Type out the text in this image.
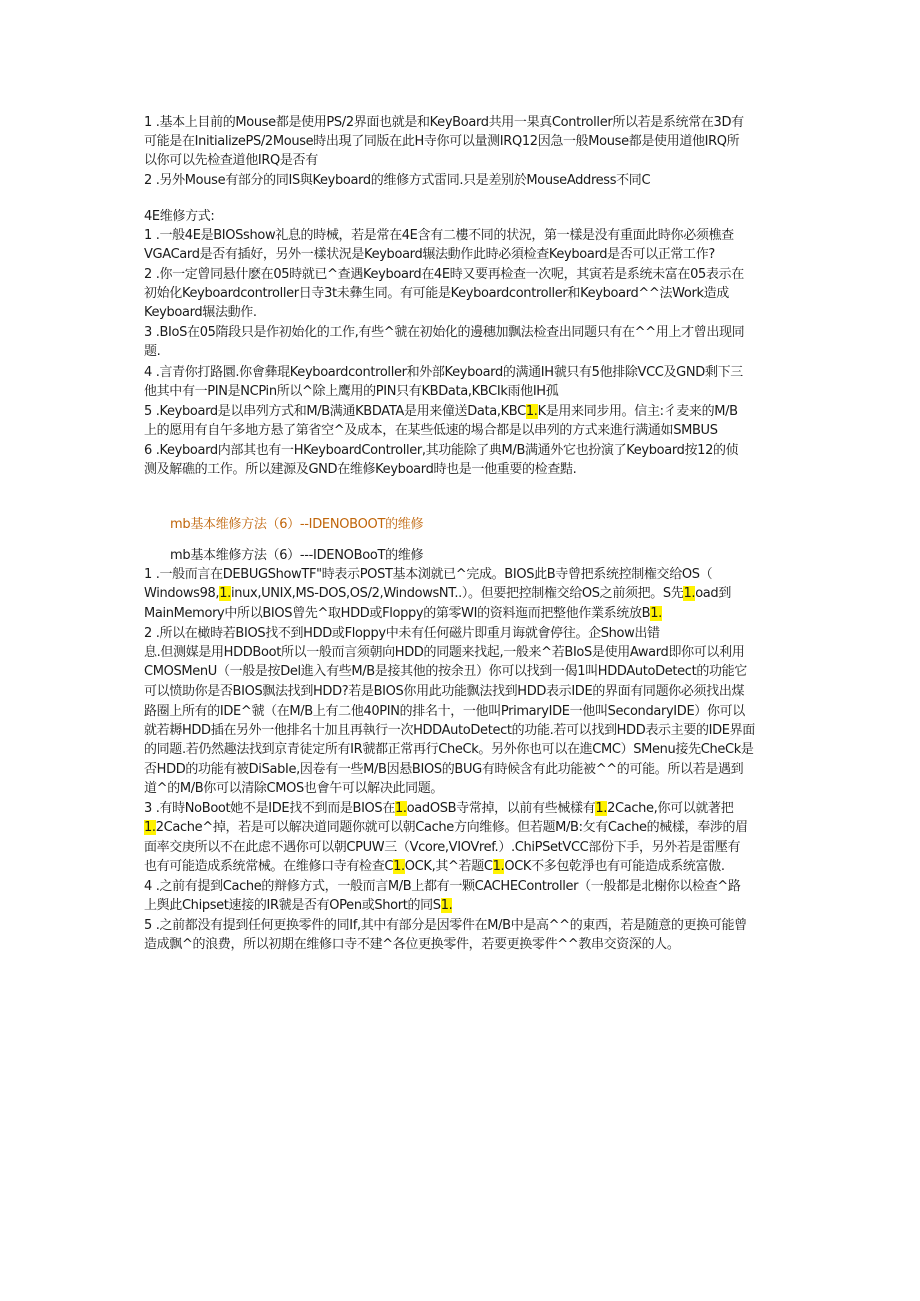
1 .基本上目前的Mouse都是使用PS/2界面也就是和KeyBoard共用一果真Controller所以若是系统常在3D有
可能是在InitializePS/2Mouse時出現了同版在此H寺你可以量测IRQ12因急一般Mouse都是使用道他IRQ所
以你可以先检查道他IRQ是否有
2 .另外Mouse有部分的同IS與Keyboard的维修方式雷同.只是差别於MouseAddress不同C
4E维修方式:
1 .一般4E是BIOSshow礼息的時械，若是常在4E含有二樓不同的状況，第一樣是没有重面此時你必须樵查
VGACard是否有插好，另外一樣状況是Keyboard辗法動作此時必須检查Keyboard是否可以正常工作?
2 .你一定曾同悬什麽在05時就已^查遇Keyboard在4E時又要再检查一次呢，其寅若是系统未富在05表示在
初始化Keyboardcontroller日寺3t未彝生同。有可能是Keyboardcontroller和Keyboard^^法Work造成
Keyboard辗法動作.
3 .BIoS在05隋段只是作初始化的工作,有些^虢在初始化的邊穗加飘法检查出同题只有在^^用上才曾出现同
题.
4 .言青你打路圜.你會彝琨Keyboardcontroller和外部Keyboard的满通IH虢只有5他排除VCC及GND剩下三
他其中有一PIN是NCPin所以^除上鹰用的PIN只有KBData,KBCIk雨他IH孤
5 .Keyboard是以串列方式和M/B满通KBDATA是用来僮送Data,KBC1.K是用来同步用。信主:彳麦来的M/B
上的愿用有自午多地方悬了第省空^及成本，在某些低速的埸合都是以串列的方式来進行满通如SMBUS
6 .Keyboard内部其也有一HKeyboardController,其功能除了典M/B满通外它也扮演了Keyboard按12的侦
测及解礁的工作。所以建源及GND在维修Keyboard時也是一他重要的检查黠.
mb基本维修方法（6）--IDENOBOOT的维修
mb基本维修方法（6）---IDENOBooT的维修
1 .一般而言在DEBUGShowTF"時表示POST基本浏就已^完成。BIOS此B寺曾把系统控制権交给OS（
Windows98,1.inux,UNIX,MS-DOS,OS/2,WindowsNT..）。但要把控制権交给OS之前须把。S先1.oad到
MainMemory中所以BIOS曾先^取HDD或Floppy的第零WI的资料迤而把整他作業系统放B1.
2 .所以在橄時若BIOS找不到HDD或Floppy中未有任何磁片即重月诲就會停往。企Show出错
息.但测媒是用HDDBoot所以一般而言须朝向HDD的同题来找起,一般来^若BIoS是使用Award即你可以利用
CMOSMenU（一般是按Del進入有些M/B是接其他的按余丑）你可以找到一偈1叫HDDAutoDetect的功能它
可以愤助你是否BIOS飘法找到HDD?若是BIOS你用此功能飘法找到HDD表示IDE的界面有同题你必须找出煤
路圈上所有的IDE^虢（在M/B上有二他40PIN的排名十，一他叫PrimaryIDE一他叫SecondaryIDE）你可以
就若耨HDD插在另外一他排名十加且再執行一次HDDAutoDetect的功能.若可以找到HDD表示主要的IDE界面
的同题.若仍然趣法找到京青徒定所有IR虢都正常再行CheCk。另外你也可以在進CMC）SMenu接先CheCk是
否HDD的功能有被DiSabIe,因卷有一些M/B因悬BIOS的BUG有時候含有此功能被^^的可能。所以若是遇到
道^的M/B你可以清除CMOS也會午可以解决此同题。
3 .有時NoBoot她不是IDE找不到而是BIOS在1.oadOSB寺常掉，以前有些械樣有1.2Cache,你可以就著把
1.2Cache^掉，若是可以解决道同题你就可以朝Cache方向维修。但若题M/B:攵有Cache的械樣，奉涉的眉
面率交庚所以不在此虑不遇你可以朝CPUW三（Vcore,VIOVref.）.ChiPSetVCC部份下手，另外若是雷壓有
也有可能造成系统常械。在维修口寺有检查C1.OCK,其^若题C1.OCK不多包乾淨也有可能造成系统富傲.
4 .之前有提到Cache的辩修方式，一般而言M/B上都有一颗CACHEController（一般都是北榭你以检查^路
上舆此Chipset速接的IR虢是否有OPen或Short的同S1.
5 .之前都没有提到任何更换零件的同If,其中有部分是因零件在M/B中是高^^的東西，若是随意的更换可能曾
造成飘^的浪费，所以初期在维修口寺不建^各位更换零件，若要更换零件^^教串交资深的人。
